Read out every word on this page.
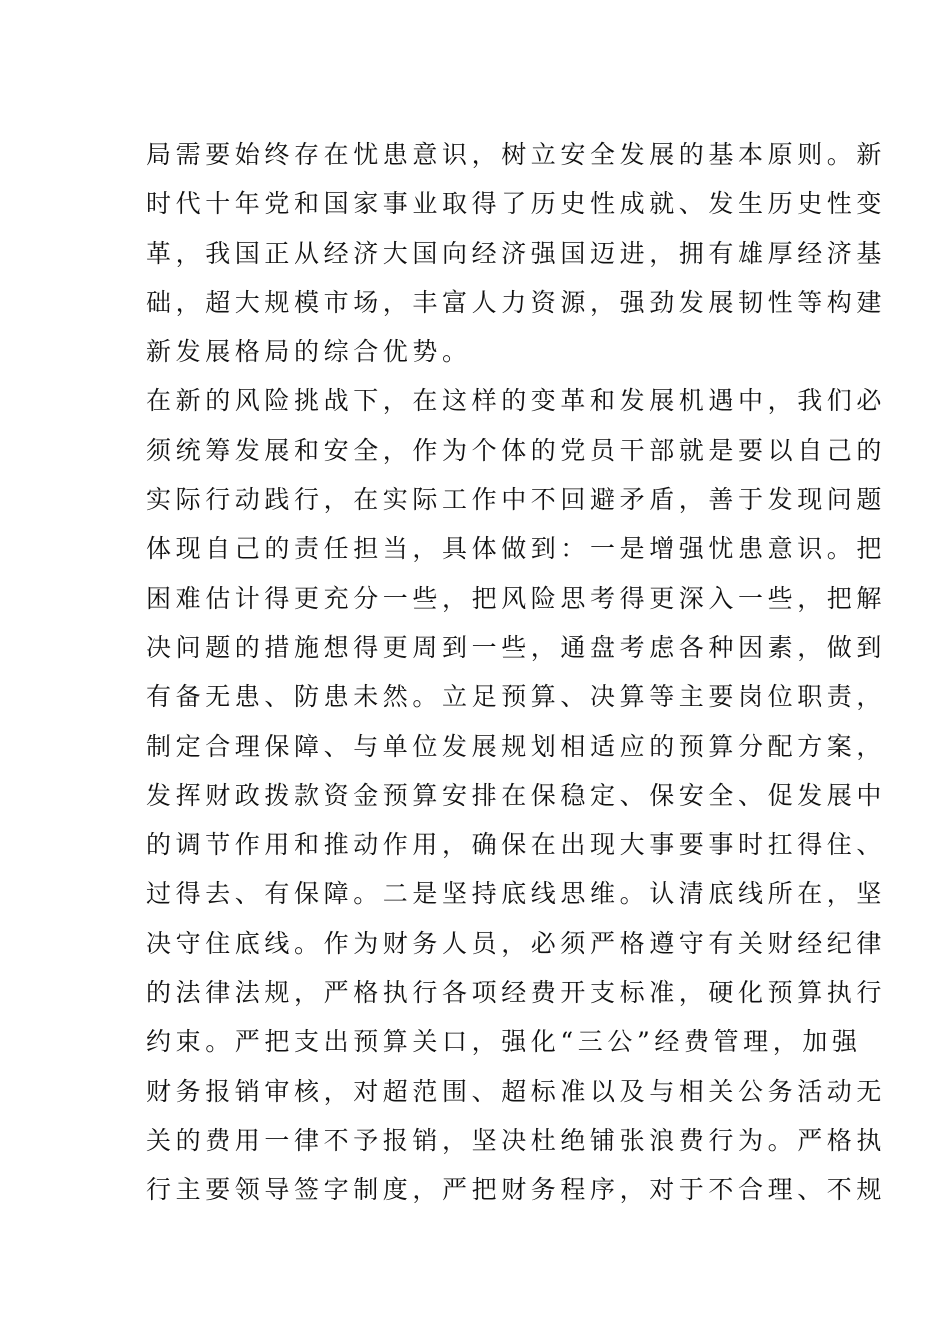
局需要始终存在忧患意识，树立安全发展的基本原则。新
时代十年党和国家事业取得了历史性成就、发生历史性变
革，我国正从经济大国向经济强国迈进，拥有雄厚经济基
础，超大规模市场，丰富人力资源，强劲发展韧性等构建
新发展格局的综合优势。
在新的风险挑战下，在这样的变革和发展机遇中，我们必
须统筹发展和安全，作为个体的党员干部就是要以自己的
实际行动践行，在实际工作中不回避矛盾，善于发现问题
体现自己的责任担当，具体做到：一是增强忧患意识。把
困难估计得更充分一些，把风险思考得更深入一些，把解
决问题的措施想得更周到一些，通盘考虑各种因素，做到
有备无患、防患未然。立足预算、决算等主要岗位职责，
制定合理保障、与单位发展规划相适应的预算分配方案，
发挥财政拨款资金预算安排在保稳定、保安全、促发展中
的调节作用和推动作用，确保在出现大事要事时扛得住、
过得去、有保障。二是坚持底线思维。认清底线所在，坚
决守住底线。作为财务人员，必须严格遵守有关财经纪律
的法律法规，严格执行各项经费开支标准，硬化预算执行
约束。严把支出预算关口，强化“三公”经费管理，加强
财务报销审核，对超范围、超标准以及与相关公务活动无
关的费用一律不予报销，坚决杜绝铺张浪费行为。严格执
行主要领导签字制度，严把财务程序，对于不合理、不规
